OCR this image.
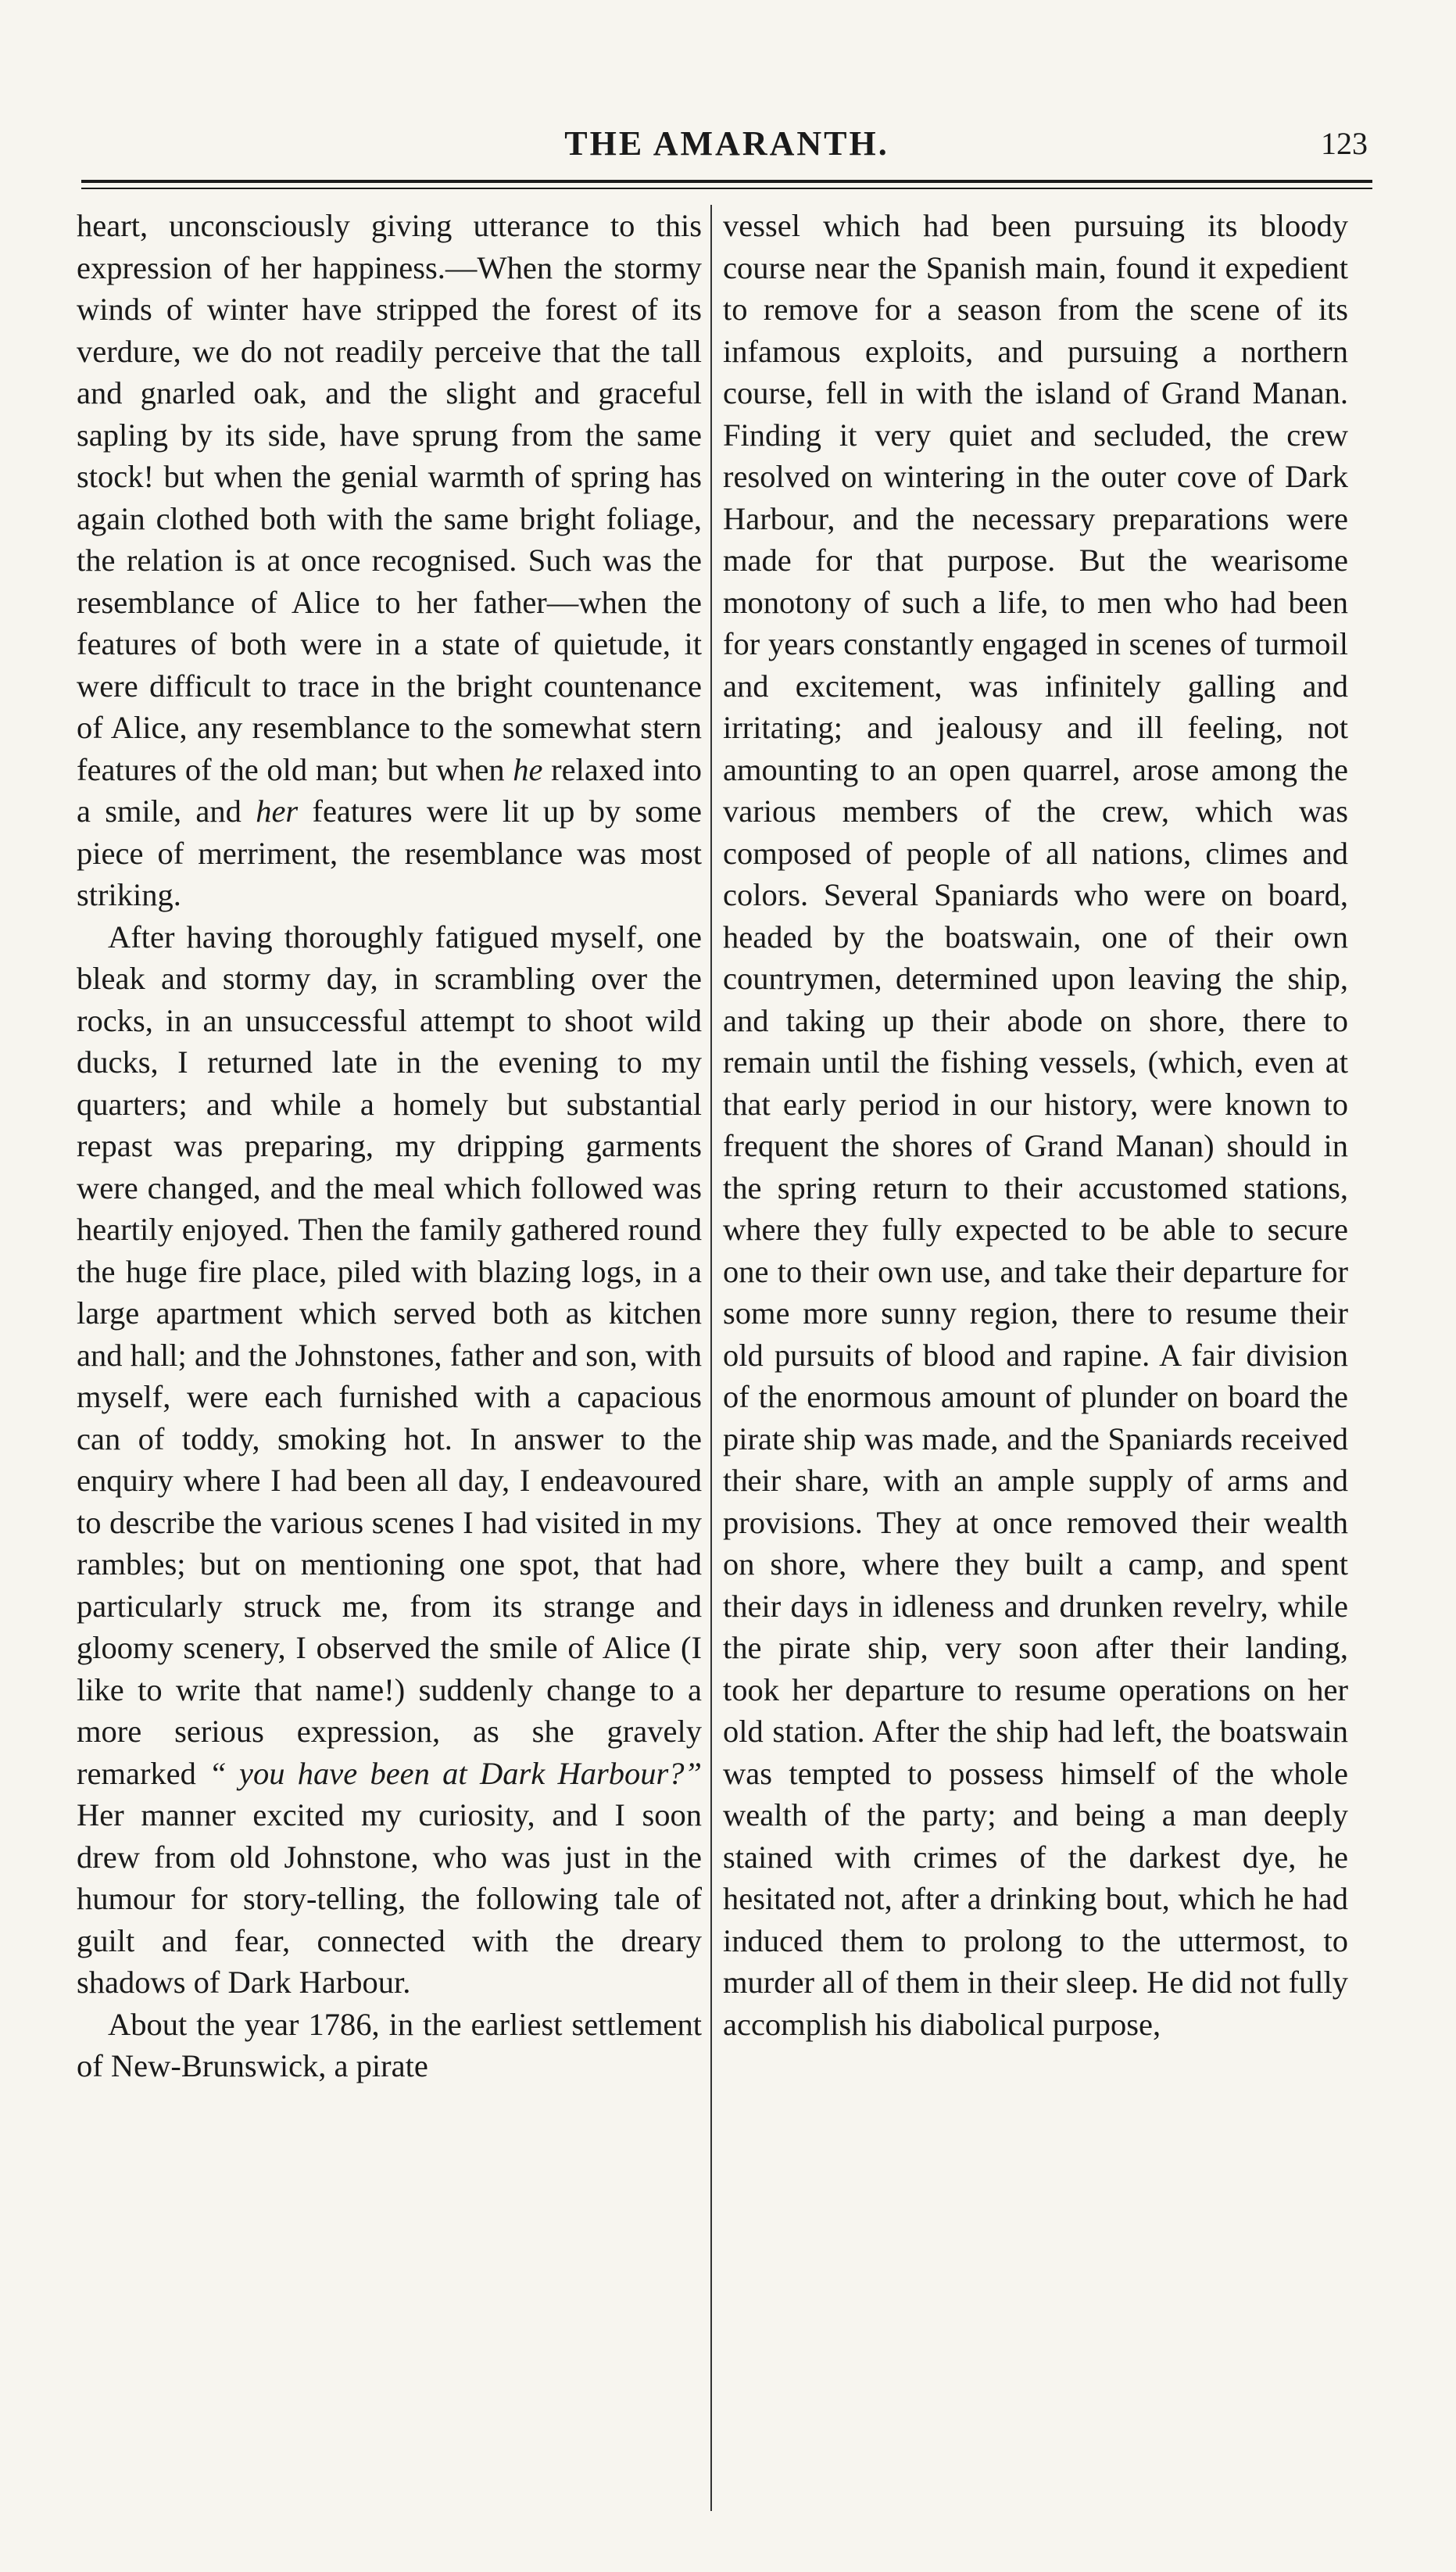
THE AMARANTH.	123

heart, unconsciously giving utterance to this expression of her happiness.—When the stormy winds of winter have stripped the forest of its verdure, we do not readily perceive that the tall and gnarled oak, and the slight and graceful sapling by its side, have sprung from the same stock! but when the genial warmth of spring has again clothed both with the same bright foliage, the relation is at once recognised. Such was the resemblance of Alice to her father—when the features of both were in a state of quietude, it were difficult to trace in the bright countenance of Alice, any resemblance to the somewhat stern features of the old man; but when he relaxed into a smile, and her features were lit up by some piece of merriment, the resemblance was most striking.

After having thoroughly fatigued myself, one bleak and stormy day, in scrambling over the rocks, in an unsuccessful attempt to shoot wild ducks, I returned late in the evening to my quarters; and while a homely but substantial repast was preparing, my dripping garments were changed, and the meal which followed was heartily enjoyed. Then the family gathered round the huge fire place, piled with blazing logs, in a large apartment which served both as kitchen and hall; and the Johnstones, father and son, with myself, were each furnished with a capacious can of toddy, smoking hot. In answer to the enquiry where I had been all day, I endeavoured to describe the various scenes I had visited in my rambles; but on mentioning one spot, that had particularly struck me, from its strange and gloomy scenery, I observed the smile of Alice (I like to write that name!) suddenly change to a more serious expression, as she gravely remarked “ you have been at Dark Harbour?” Her manner excited my curiosity, and I soon drew from old Johnstone, who was just in the humour for story-telling, the following tale of guilt and fear, connected with the dreary shadows of Dark Harbour.

About the year 1786, in the earliest settlement of New-Brunswick, a pirate

vessel which had been pursuing its bloody course near the Spanish main, found it expedient to remove for a season from the scene of its infamous exploits, and pursuing a northern course, fell in with the island of Grand Manan. Finding it very quiet and secluded, the crew resolved on wintering in the outer cove of Dark Harbour, and the necessary preparations were made for that purpose. But the wearisome monotony of such a life, to men who had been for years constantly engaged in scenes of turmoil and excitement, was infinitely galling and irritating; and jealousy and ill feeling, not amounting to an open quarrel, arose among the various members of the crew, which was composed of people of all nations, climes and colors. Several Spaniards who were on board, headed by the boatswain, one of their own countrymen, determined upon leaving the ship, and taking up their abode on shore, there to remain until the fishing vessels, (which, even at that early period in our history, were known to frequent the shores of Grand Manan) should in the spring return to their accustomed stations, where they fully expected to be able to secure one to their own use, and take their departure for some more sunny region, there to resume their old pursuits of blood and rapine. A fair division of the enormous amount of plunder on board the pirate ship was made, and the Spaniards received their share, with an ample supply of arms and provisions. They at once removed their wealth on shore, where they built a camp, and spent their days in idleness and drunken revelry, while the pirate ship, very soon after their landing, took her departure to resume operations on her old station. After the ship had left, the boatswain was tempted to possess himself of the whole wealth of the party; and being a man deeply stained with crimes of the darkest dye, he hesitated not, after a drinking bout, which he had induced them to prolong to the uttermost, to murder all of them in their sleep. He did not fully accomplish his diabolical purpose,
